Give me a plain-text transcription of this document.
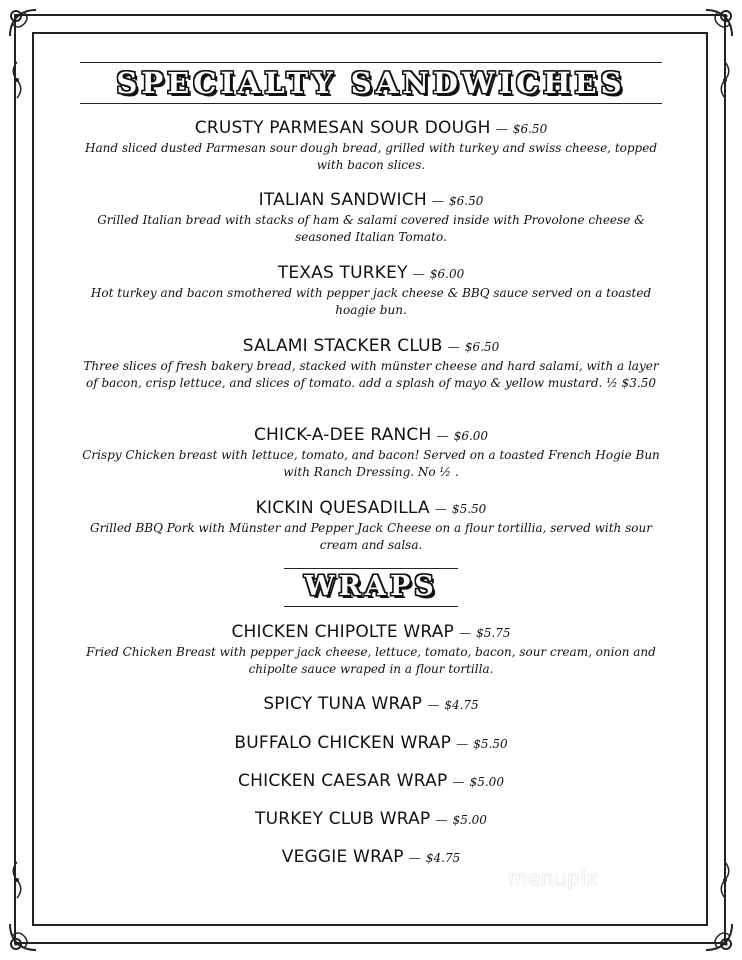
SPECIALTY SANDWICHES
CRUSTY PARMESAN SOUR DOUGH — $6.50
Hand sliced dusted Parmesan sour dough bread, grilled with turkey and swiss cheese, topped with bacon slices.
ITALIAN SANDWICH — $6.50
Grilled Italian bread with stacks of ham & salami covered inside with Provolone cheese & seasoned Italian Tomato.
TEXAS TURKEY — $6.00
Hot turkey and bacon smothered with pepper jack cheese & BBQ sauce served on a toasted hoagie bun.
SALAMI STACKER CLUB — $6.50
Three slices of fresh bakery bread, stacked with münster cheese and hard salami, with a layer of bacon, crisp lettuce, and slices of tomato. add a splash of mayo & yellow mustard. ½ $3.50
CHICK-A-DEE RANCH — $6.00
Crispy Chicken breast with lettuce, tomato, and bacon! Served on a toasted French Hogie Bun with Ranch Dressing. No ½ .
KICKIN QUESADILLA — $5.50
Grilled BBQ Pork with Münster and Pepper Jack Cheese on a flour tortillia, served with sour cream and salsa.
WRAPS
CHICKEN CHIPOLTE WRAP — $5.75
Fried Chicken Breast with pepper jack cheese, lettuce, tomato, bacon, sour cream, onion and chipolte sauce wraped in a flour tortilla.
SPICY TUNA WRAP — $4.75
BUFFALO CHICKEN WRAP — $5.50
CHICKEN CAESAR WRAP — $5.00
TURKEY CLUB WRAP — $5.00
VEGGIE WRAP — $4.75
menupix
